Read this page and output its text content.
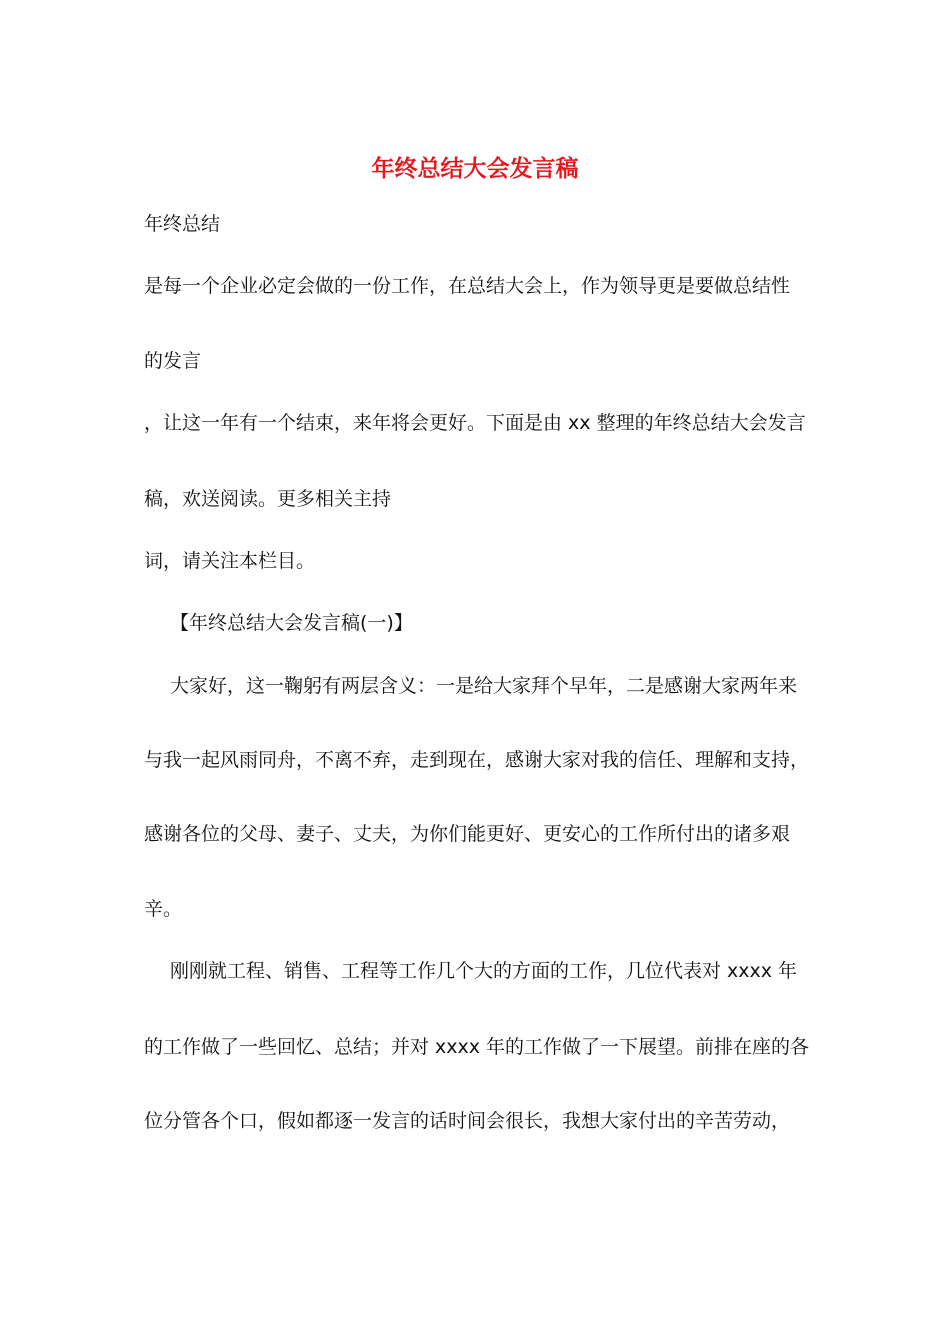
年终总结大会发言稿
年终总结
是每一个企业必定会做的一份工作，在总结大会上，作为领导更是要做总结性
的发言
，让这一年有一个结束，来年将会更好。下面是由 xx 整理的年终总结大会发言
稿，欢送阅读。更多相关主持
词，请关注本栏目。
【年终总结大会发言稿(一)】
大家好，这一鞠躬有两层含义：一是给大家拜个早年，二是感谢大家两年来
与我一起风雨同舟，不离不弃，走到现在，感谢大家对我的信任、理解和支持，
感谢各位的父母、妻子、丈夫，为你们能更好、更安心的工作所付出的诸多艰
辛。
刚刚就工程、销售、工程等工作几个大的方面的工作，几位代表对 xxxx 年
的工作做了一些回忆、总结；并对 xxxx 年的工作做了一下展望。前排在座的各
位分管各个口，假如都逐一发言的话时间会很长，我想大家付出的辛苦劳动，
